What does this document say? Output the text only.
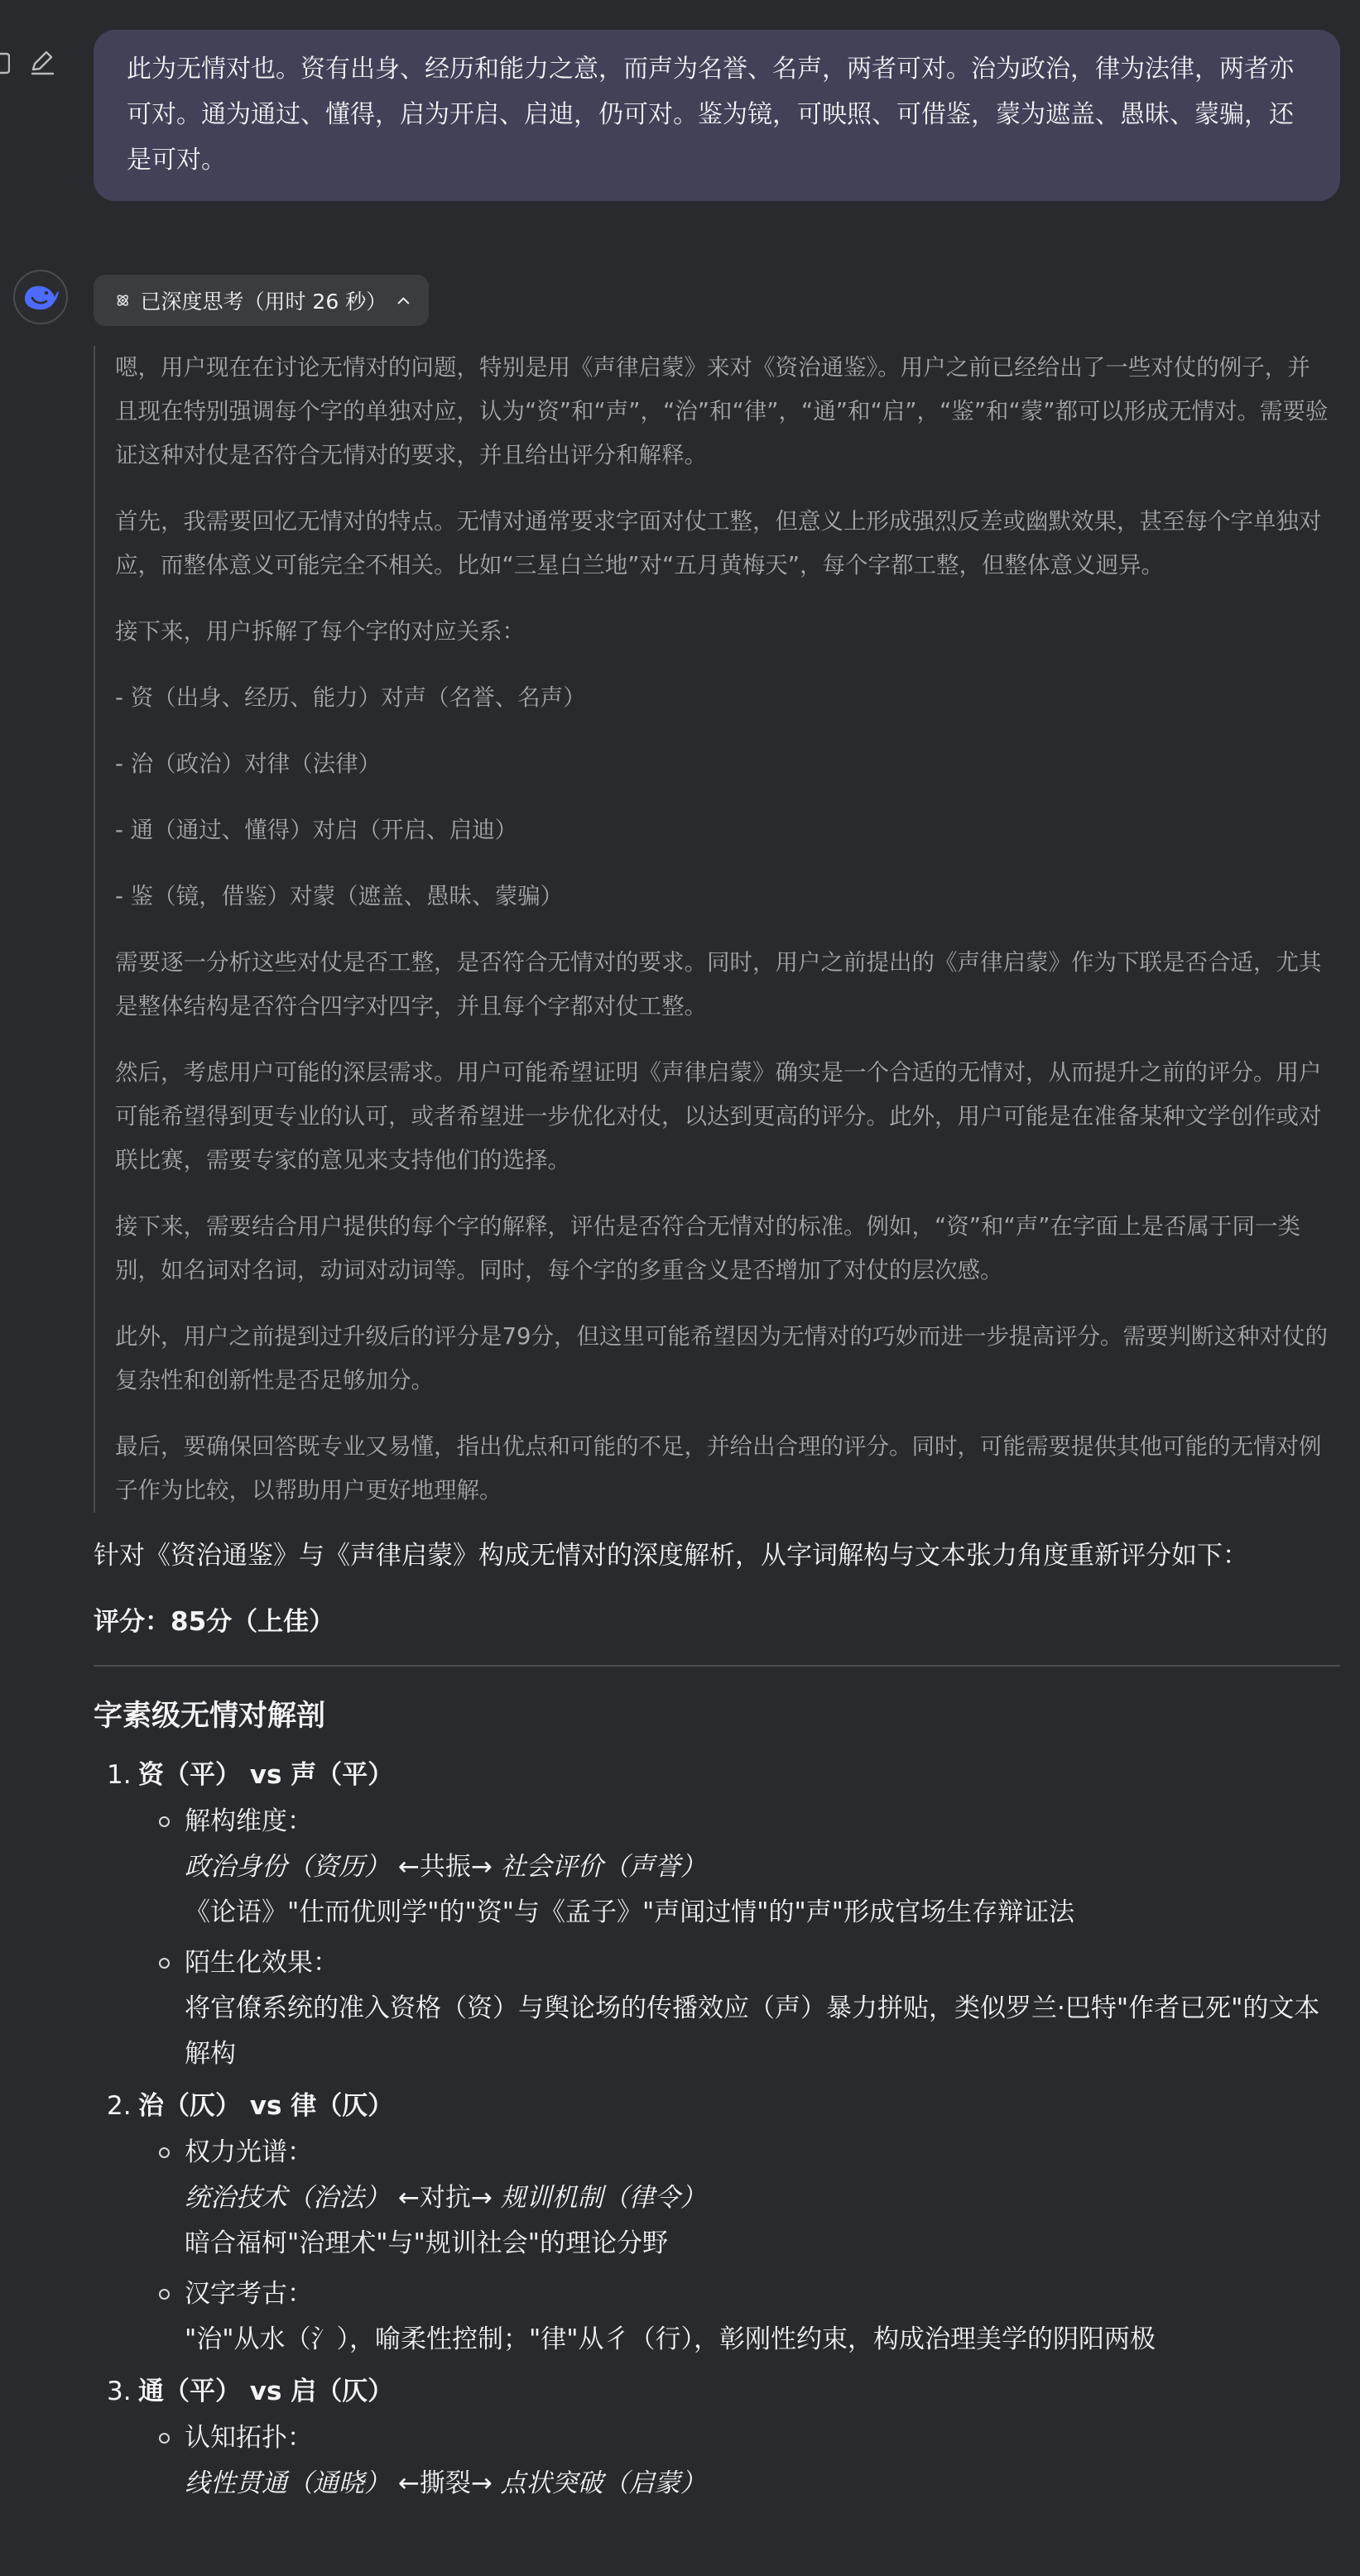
此为无情对也。资有出身、经历和能力之意，而声为名誉、名声，两者可对。治为政治，律为法律，两者亦可对。通为通过、懂得，启为开启、启迪，仍可对。鉴为镜，可映照、可借鉴，蒙为遮盖、愚昧、蒙骗，还是可对。
已深度思考（用时 26 秒）

嗯，用户现在在讨论无情对的问题，特别是用《声律启蒙》来对《资治通鉴》。用户之前已经给出了一些对仗的例子，并且现在特别强调每个字的单独对应，认为“资”和“声”，“治”和“律”，“通”和“启”，“鉴”和“蒙”都可以形成无情对。需要验证这种对仗是否符合无情对的要求，并且给出评分和解释。

首先，我需要回忆无情对的特点。无情对通常要求字面对仗工整，但意义上形成强烈反差或幽默效果，甚至每个字单独对应，而整体意义可能完全不相关。比如“三星白兰地”对“五月黄梅天”，每个字都工整，但整体意义迥异。

接下来，用户拆解了每个字的对应关系：

- 资（出身、经历、能力）对声（名誉、名声）

- 治（政治）对律（法律）

- 通（通过、懂得）对启（开启、启迪）

- 鉴（镜，借鉴）对蒙（遮盖、愚昧、蒙骗）

需要逐一分析这些对仗是否工整，是否符合无情对的要求。同时，用户之前提出的《声律启蒙》作为下联是否合适，尤其是整体结构是否符合四字对四字，并且每个字都对仗工整。

然后，考虑用户可能的深层需求。用户可能希望证明《声律启蒙》确实是一个合适的无情对，从而提升之前的评分。用户可能希望得到更专业的认可，或者希望进一步优化对仗，以达到更高的评分。此外，用户可能是在准备某种文学创作或对联比赛，需要专家的意见来支持他们的选择。

接下来，需要结合用户提供的每个字的解释，评估是否符合无情对的标准。例如，“资”和“声”在字面上是否属于同一类别，如名词对名词，动词对动词等。同时，每个字的多重含义是否增加了对仗的层次感。

此外，用户之前提到过升级后的评分是79分，但这里可能希望因为无情对的巧妙而进一步提高评分。需要判断这种对仗的复杂性和创新性是否足够加分。

最后，要确保回答既专业又易懂，指出优点和可能的不足，并给出合理的评分。同时，可能需要提供其他可能的无情对例子作为比较，以帮助用户更好地理解。

针对《资治通鉴》与《声律启蒙》构成无情对的深度解析，从字词解构与文本张力角度重新评分如下：

评分：85分（上佳）

字素级无情对解剖
1. 资（平） vs 声（平）
解构维度：
政治身份（资历） ←共振→ 社会评价（声誉）
《论语》"仕而优则学"的"资"与《孟子》"声闻过情"的"声"形成官场生存辩证法
陌生化效果：
将官僚系统的准入资格（资）与舆论场的传播效应（声）暴力拼贴，类似罗兰·巴特"作者已死"的文本解构
2. 治（仄） vs 律（仄）
权力光谱：
统治技术（治法） ←对抗→ 规训机制（律令）
暗合福柯"治理术"与"规训社会"的理论分野
汉字考古：
"治"从水（氵），喻柔性控制；"律"从彳（行），彰刚性约束，构成治理美学的阴阳两极
3. 通（平） vs 启（仄）
认知拓扑：
线性贯通（通晓） ←撕裂→ 点状突破（启蒙）
